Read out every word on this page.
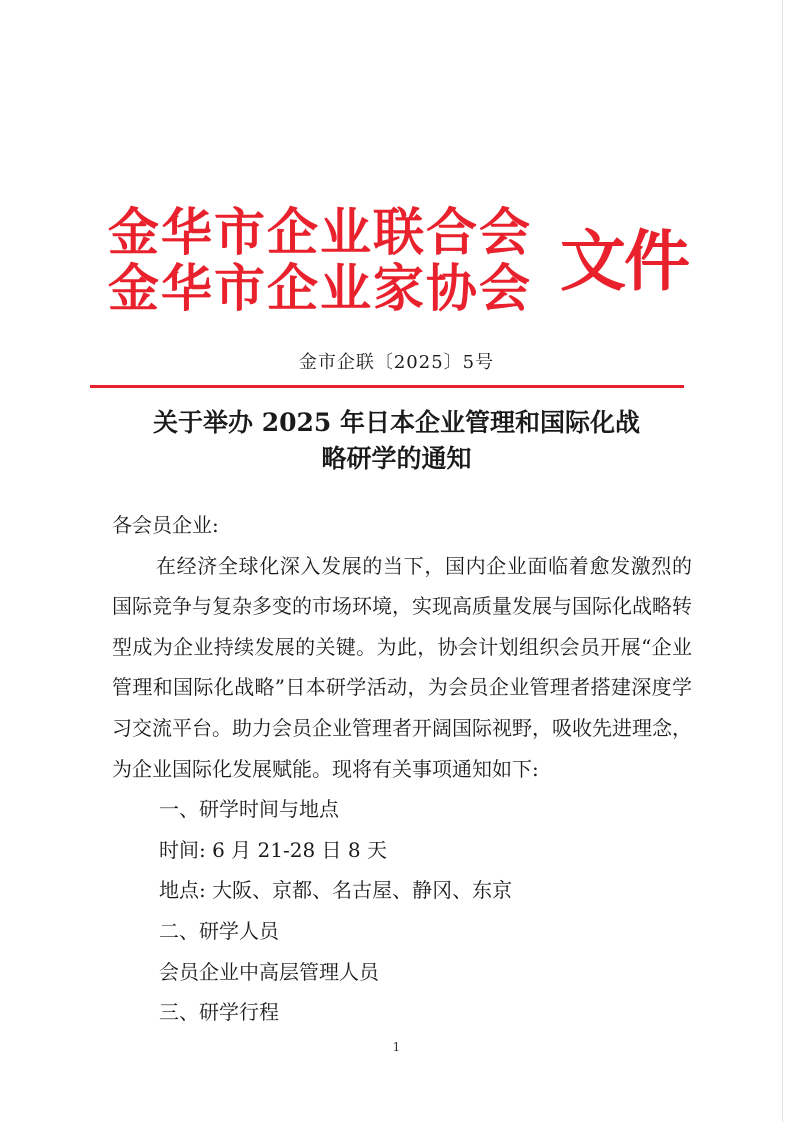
金华市企业联合会
金华市企业家协会 文件
金市企联〔2025〕5号
关于举办 2025 年日本企业管理和国际化战
略研学的通知

各会员企业:

在经济全球化深入发展的当下，国内企业面临着愈发激烈的国际竞争与复杂多变的市场环境，实现高质量发展与国际化战略转型成为企业持续发展的关键。为此，协会计划组织会员开展“企业管理和国际化战略”日本研学活动，为会员企业管理者搭建深度学习交流平台。助力会员企业管理者开阔国际视野，吸收先进理念，为企业国际化发展赋能。现将有关事项通知如下:

一、研学时间与地点

时间: 6 月 21-28 日 8 天

地点: 大阪、京都、名古屋、静冈、东京

二、研学人员

会员企业中高层管理人员

三、研学行程

1
